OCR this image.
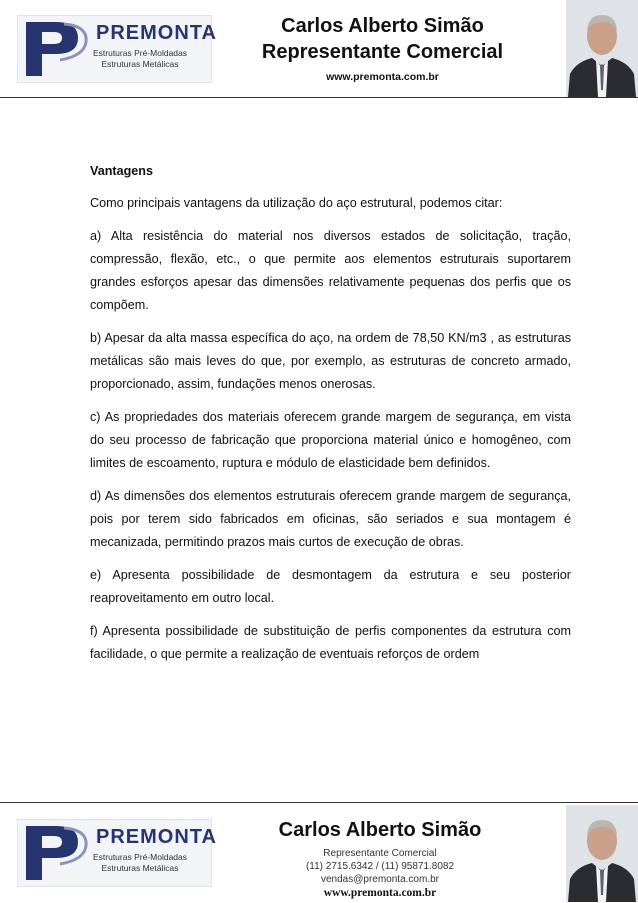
PREMONTA
Estruturas Pré-Moldadas
Estruturas Metálicas
Carlos Alberto Simão
Representante Comercial
www.premonta.com.br

Vantagens

Como principais vantagens da utilização do aço estrutural, podemos citar:

a) Alta resistência do material nos diversos estados de solicitação, tração, compressão, flexão, etc., o que permite aos elementos estruturais suportarem grandes esforços apesar das dimensões relativamente pequenas dos perfis que os compõem.

b) Apesar da alta massa específica do aço, na ordem de 78,50 KN/m3 , as estruturas metálicas são mais leves do que, por exemplo, as estruturas de concreto armado, proporcionado, assim, fundações menos onerosas.

c) As propriedades dos materiais oferecem grande margem de segurança, em vista do seu processo de fabricação que proporciona material único e homogêneo, com limites de escoamento, ruptura e módulo de elasticidade bem definidos.

d) As dimensões dos elementos estruturais oferecem grande margem de segurança, pois por terem sido fabricados em oficinas, são seriados e sua montagem é mecanizada, permitindo prazos mais curtos de execução de obras.

e) Apresenta possibilidade de desmontagem da estrutura e seu posterior reaproveitamento em outro local.

f) Apresenta possibilidade de substituição de perfis componentes da estrutura com facilidade, o que permite a realização de eventuais reforços de ordem

PREMONTA
Estruturas Pré-Moldadas
Estruturas Metálicas
Carlos Alberto Simão
Representante Comercial
(11) 2715.6342 / (11) 95871.8082
vendas@premonta.com.br
www.premonta.com.br
